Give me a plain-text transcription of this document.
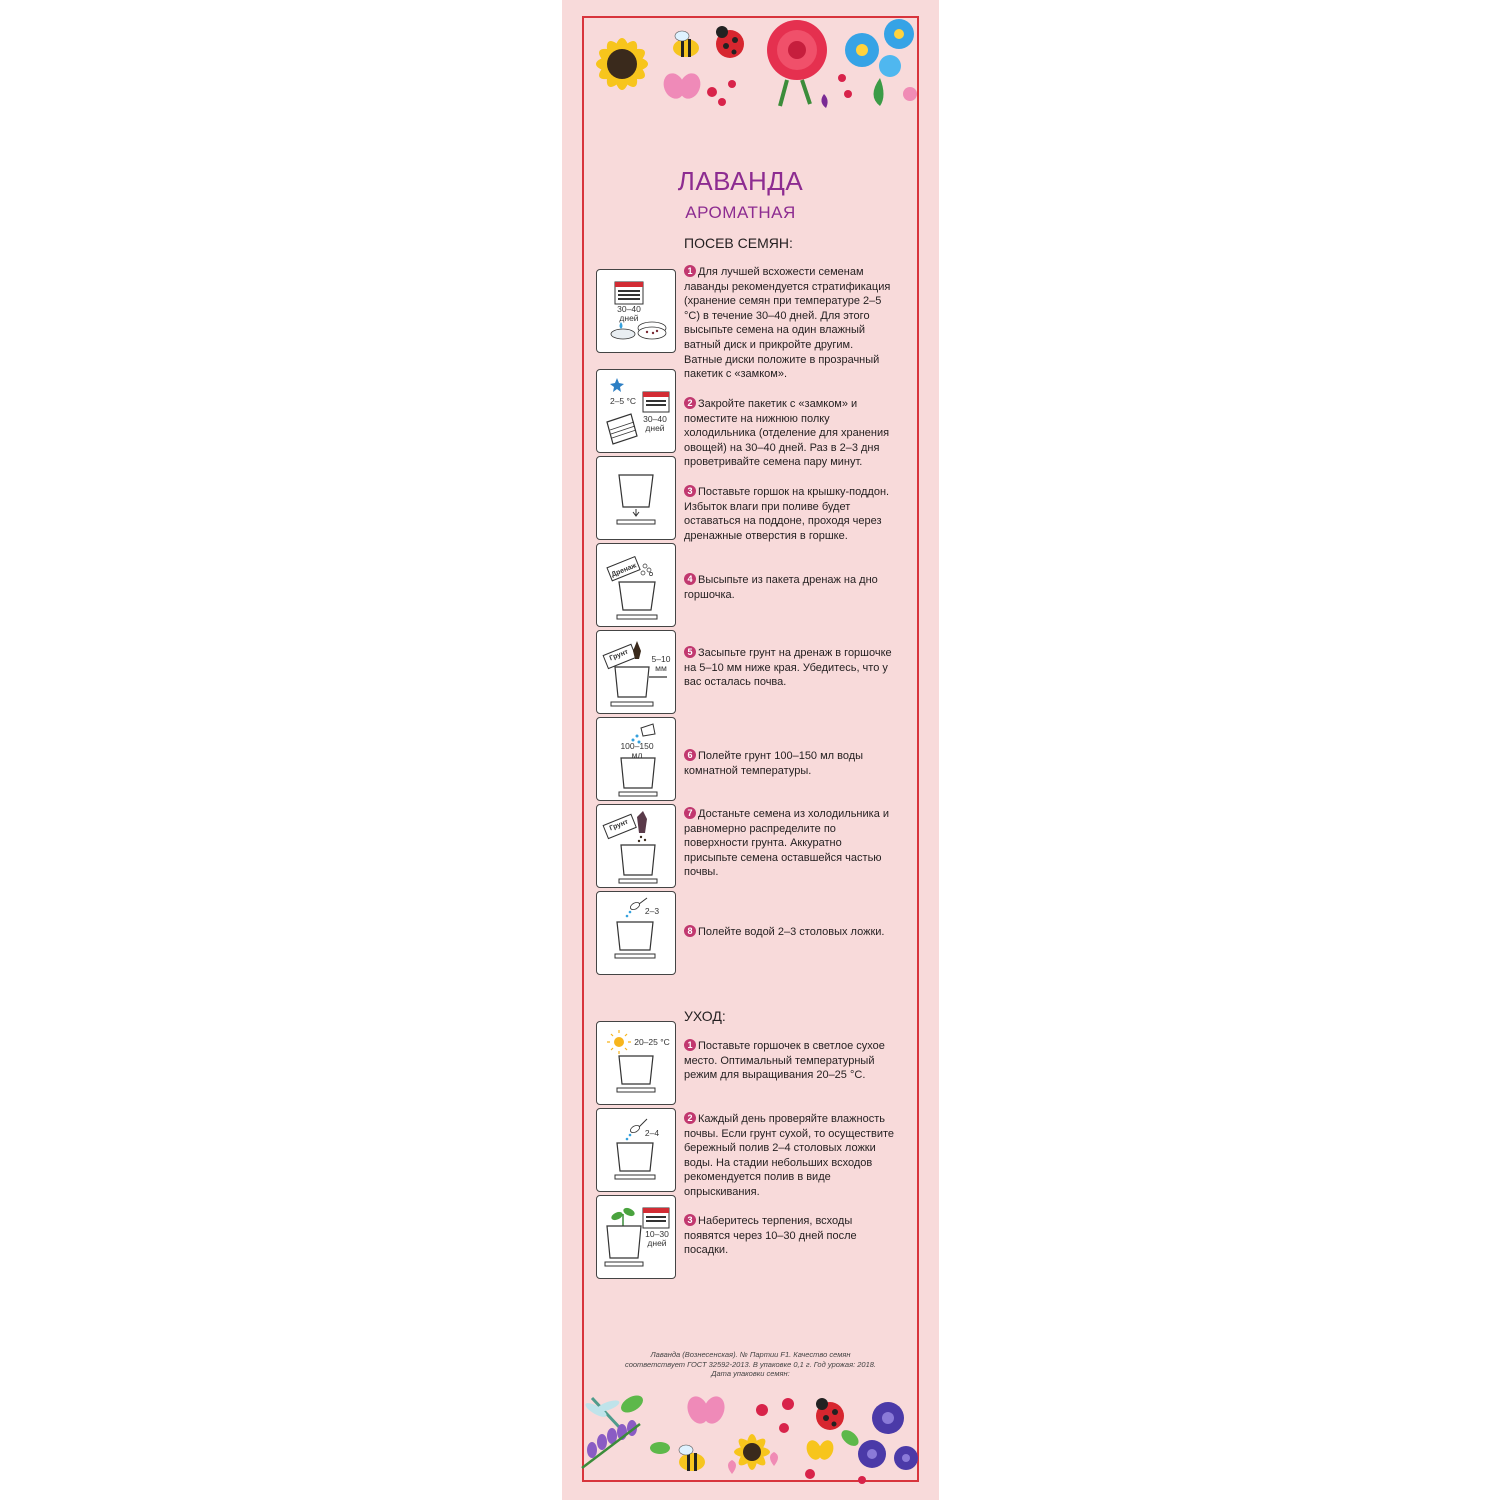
ЛАВАНДА
АРОМАТНАЯ
ПОСЕВ СЕМЯН:
30–40 дней
2–5 °С
30–40 дней
Дренаж
Грунт	5–10 мм
100–150 мл
Грунт
2–3
1 Для лучшей всхожести семенам лаванды рекомендуется стратификация (хранение семян при температуре 2–5 °С) в течение 30–40 дней. Для этого высыпьте семена на один влажный ватный диск и прикройте другим. Ватные диски положите в прозрачный пакетик с «замком».
2 Закройте пакетик с «замком» и поместите на нижнюю полку холодильника (отделение для хранения овощей) на 30–40 дней. Раз в 2–3 дня проветривайте семена пару минут.
3 Поставьте горшок на крышку-поддон. Избыток влаги при поливе будет оставаться на поддоне, проходя через дренажные отверстия в горшке.
4 Высыпьте из пакета дренаж на дно горшочка.
5 Засыпьте грунт на дренаж в горшочке на 5–10 мм ниже края. Убедитесь, что у вас осталась почва.
6 Полейте грунт 100–150 мл воды комнатной температуры.
7 Достаньте семена из холодильника и равномерно распределите по поверхности грунта. Аккуратно присыпьте семена оставшейся частью почвы.
8 Полейте водой 2–3 столовых ложки.
УХОД:
20–25 °С
2–4
10–30 дней
1 Поставьте горшочек в светлое сухое место. Оптимальный температурный режим для выращивания 20–25 °С.
2 Каждый день проверяйте влажность почвы. Если грунт сухой, то осуществите бережный полив 2–4 столовых ложки воды. На стадии небольших всходов рекомендуется полив в виде опрыскивания.
3 Наберитесь терпения, всходы появятся через 10–30 дней после посадки.
Лаванда (Вознесенская). № Партии F1. Качество семян соответствует ГОСТ 32592-2013. В упаковке 0,1 г. Год урожая: 2018. Дата упаковки семян:
